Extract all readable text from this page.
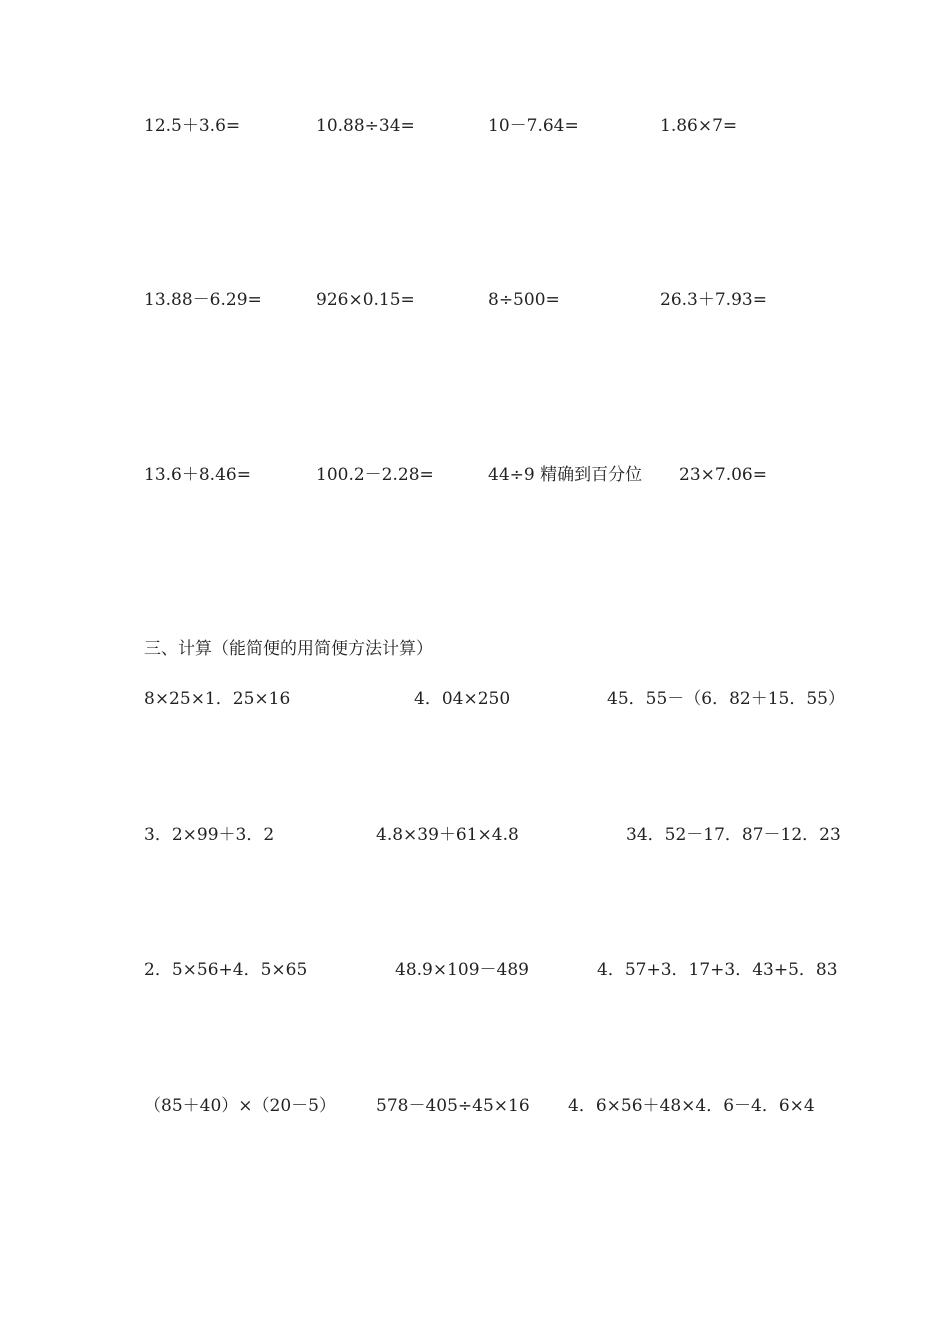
12.5＋3.6=	10.88÷34=	10－7.64=	1.86×7=
13.88－6.29=	926×0.15=	8÷500=	26.3＋7.93=
13.6＋8.46=	100.2－2.28=	44÷9 精确到百分位	23×7.06=
三、计算（能简便的用简便方法计算）
8×25×1．25×16	4．04×250	45．55－（6．82＋15．55）
3．2×99＋3．2	4.8×39＋61×4.8	34．52－17．87－12．23
2．5×56+4．5×65	48.9×109－489	4．57+3．17+3．43+5．83
（85＋40）×（20－5） 578－405÷45×16 4．6×56＋48×4．6－4．6×4
